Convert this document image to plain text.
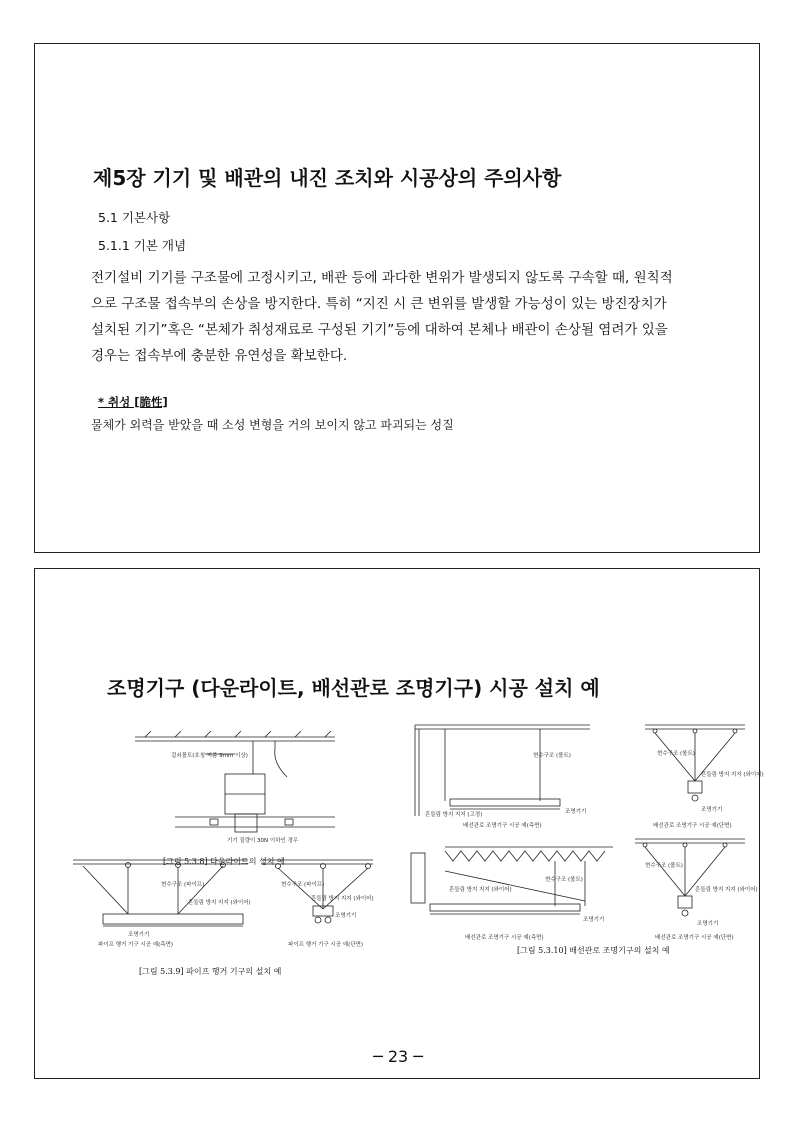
제5장 기기 및 배관의 내진 조치와 시공상의 주의사항
5.1 기본사항
5.1.1 기본 개념
전기설비 기기를 구조물에 고정시키고, 배관 등에 과다한 변위가 발생되지 않도록 구속할 때, 원칙적
으로 구조물 접속부의 손상을 방지한다. 특히 “지진 시 큰 변위를 발생할 가능성이 있는 방진장치가
설치된 기기”혹은 “본체가 취성재료로 구성된 기기”등에 대하여 본체나 배관이 손상될 염려가 있을
경우는 접속부에 충분한 유연성을 확보한다.
* 취성 [脆性]
물체가 외력을 받았을 때 소성 변형을 거의 보이지 않고 파괴되는 성질
조명기구 (다운라이트, 배선관로 조명기구) 시공 설치 예
걸쇠볼트(호칭 지름 9mm 이상)
기기 질량이 30N 이하인 경우
[그림 5.3.8] 다운라이트의 설치 예
현수구조 (파이프)
흔들림 방지 지지 (와이어)
조명기기
파이프 행거 기구 시공 예(측면)
현수구조 (파이프)
흔들림 방지 지지 (와이어)
조명기기
파이프 행거 기구 시공 예(단면)
[그림 5.3.9] 파이프 행거 기구의 설치 예
현수구조 (볼트)
흔들림 방지 지지 (고정)	조명기기
배선관로 조명기구 시공 예(측면)
현수구조 (볼트)
흔들림 방지 지지 (와이어)
조명기기
배선관로 조명기구 시공 예(단면)
현수구조 (볼트)
흔들림 방지 지지 (와이어)
조명기기
배선관로 조명기구 시공 예(측면)
현수구조 (볼트)
흔들림 방지 지지 (와이어)
조명기기
배선관로 조명기구 시공 예(단면)
[그림 5.3.10] 배선관로 조명기구의 설치 예
─ 23 ─
